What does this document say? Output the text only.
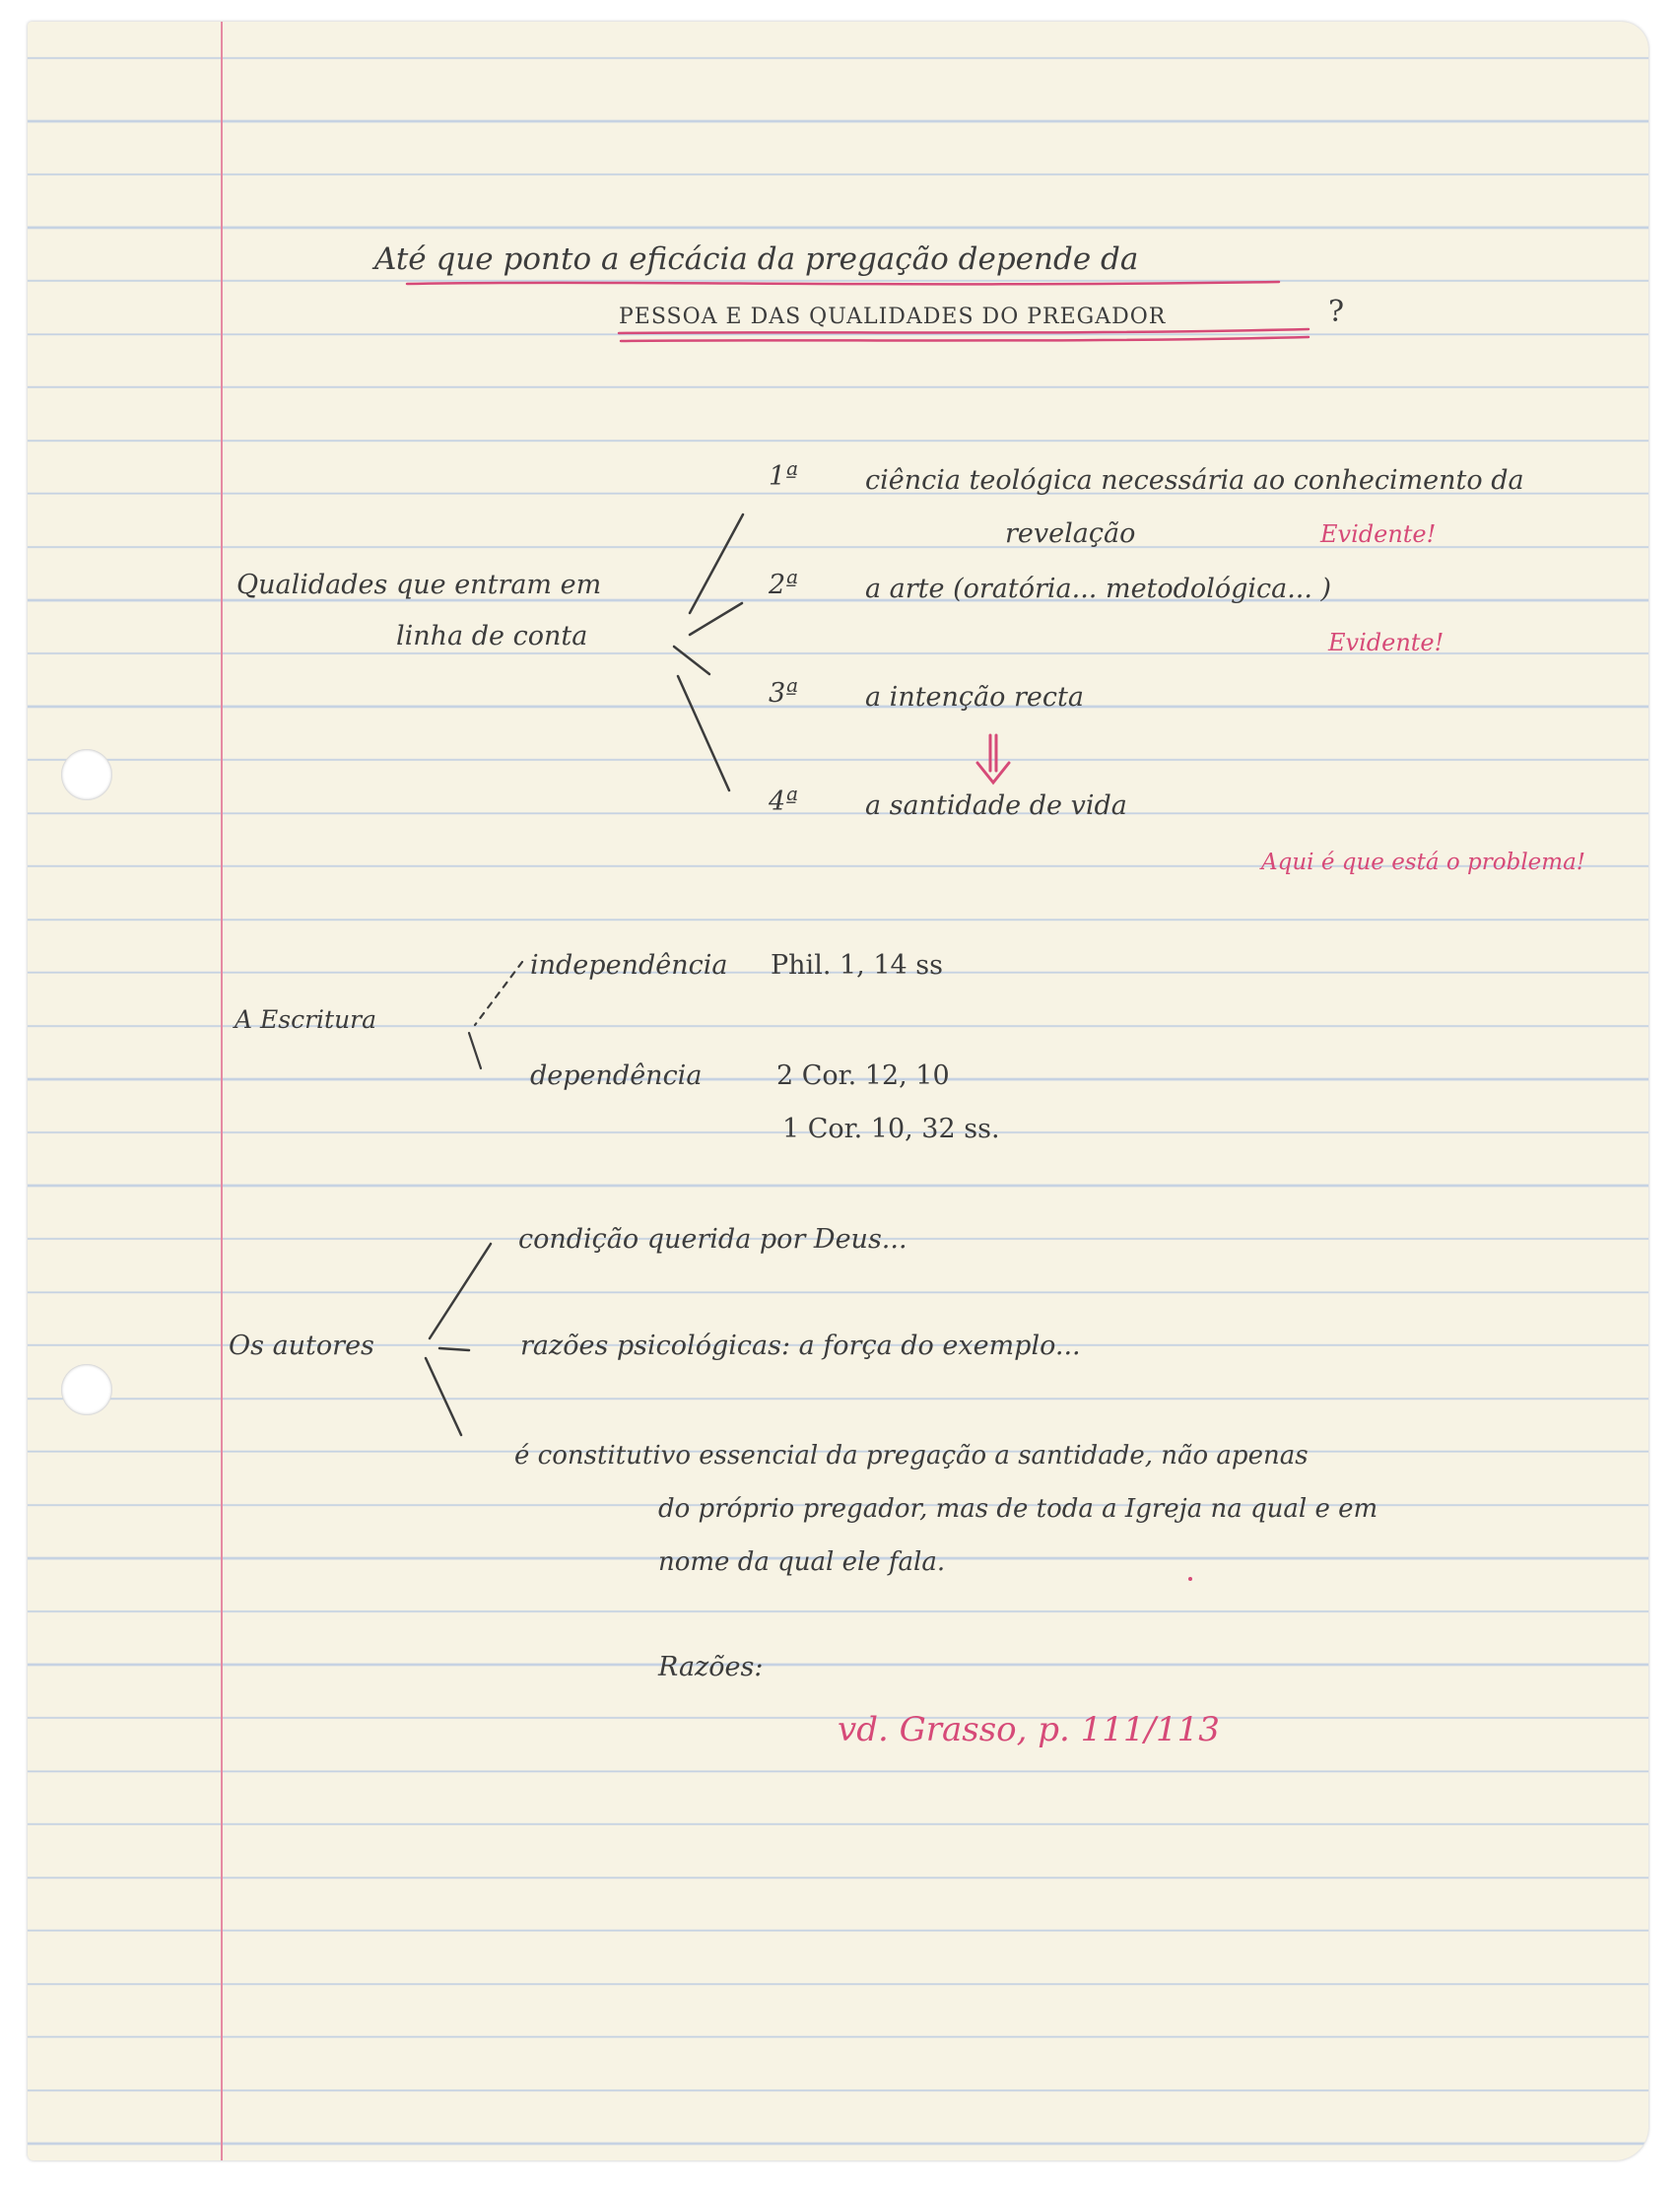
Até que ponto a eficácia da pregação depende da
PESSOA E DAS QUALIDADES DO PREGADOR	?
Qualidades que entram em
linha de conta
1ª	ciência teológica necessária ao conhecimento da
revelação	Evidente!
2ª	a arte (oratória... metodológica... )
Evidente!
3ª	a intenção recta
4ª	a santidade de vida
Aqui é que está o problema!
independência Phil. 1, 14 ss
A Escritura
dependência	2 Cor. 12, 10
1 Cor. 10, 32 ss.
condição querida por Deus...
Os autores	razões psicológicas: a força do exemplo...
é constitutivo essencial da pregação a santidade, não apenas
do próprio pregador, mas de toda a Igreja na qual e em
nome da qual ele fala.
Razões:
vd. Grasso, p. 111/113
